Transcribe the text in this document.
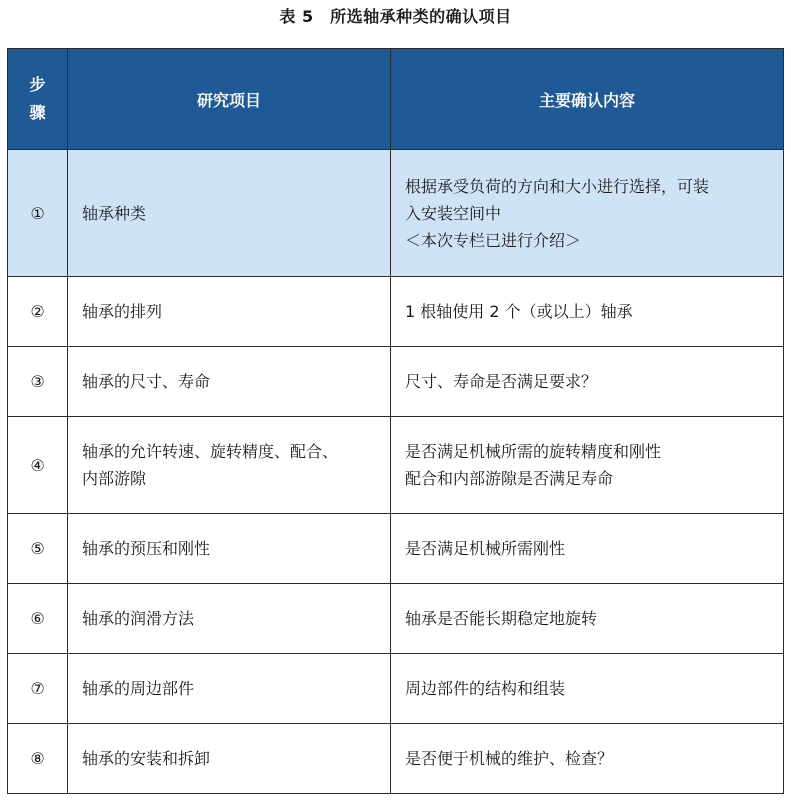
表 5　所选轴承种类的确认项目
步
骤	研究项目	主要确认内容
①	轴承种类	根据承受负荷的方向和大小进行选择，可装
入安装空间中
＜本次专栏已进行介绍＞

②	轴承的排列	1 根轴使用 2 个（或以上）轴承

③	轴承的尺寸、寿命	尺寸、寿命是否满足要求？

④	轴承的允许转速、旋转精度、配合、
内部游隙	是否满足机械所需的旋转精度和刚性
配合和内部游隙是否满足寿命

⑤	轴承的预压和刚性	是否满足机械所需刚性

⑥	轴承的润滑方法	轴承是否能长期稳定地旋转

⑦	轴承的周边部件	周边部件的结构和组装

⑧	轴承的安装和拆卸	是否便于机械的维护、检查？
